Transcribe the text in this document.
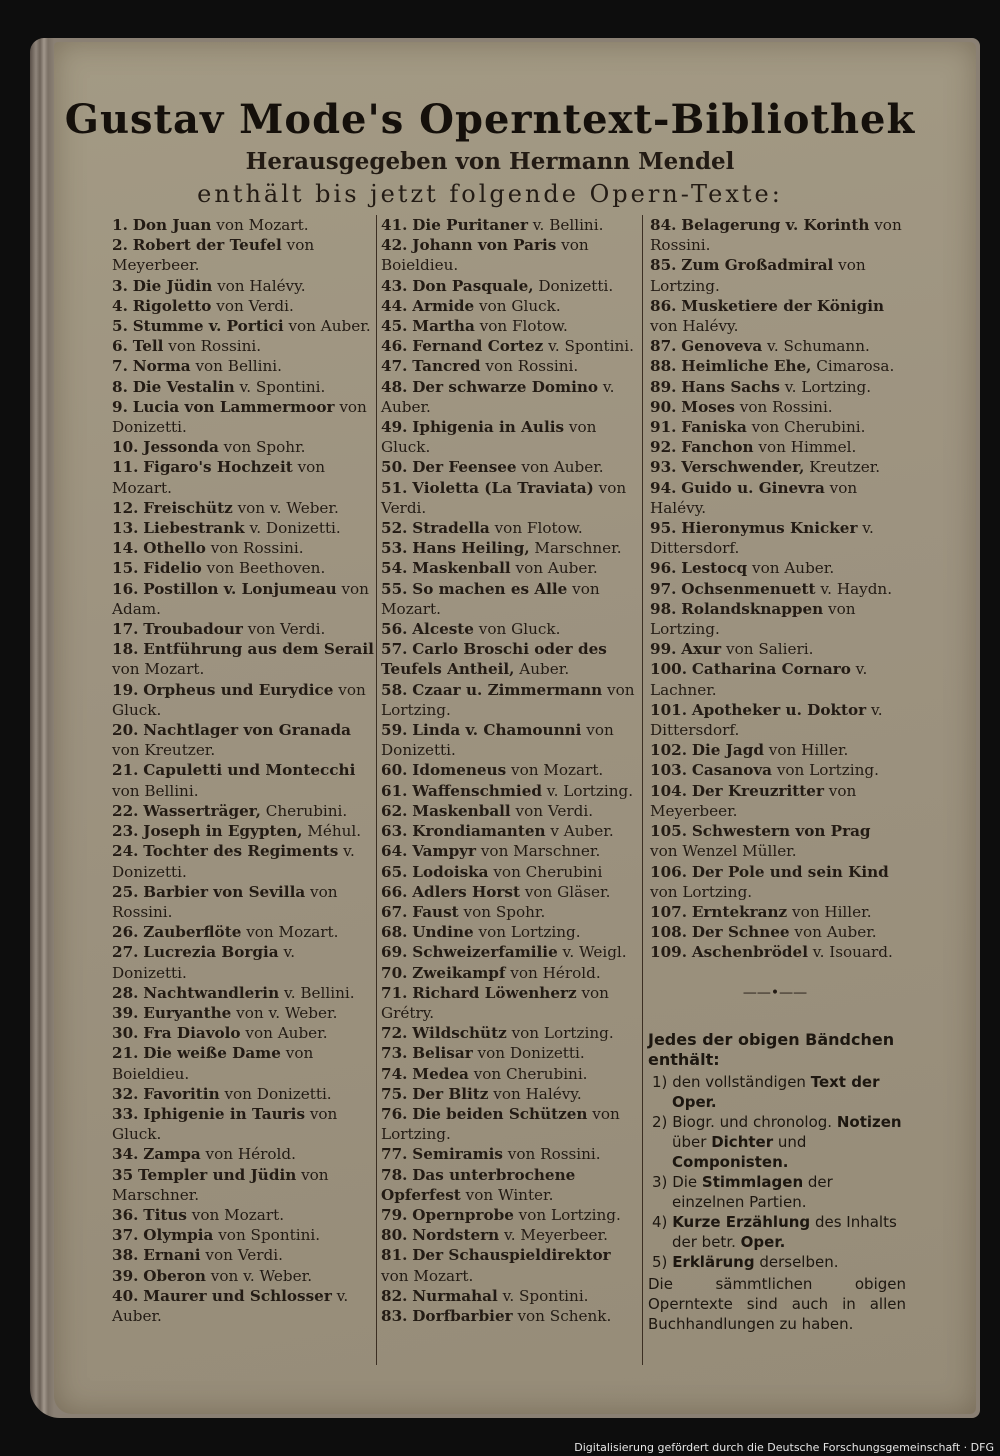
Gustav Mode's Operntext-Bibliothek

Herausgegeben von Hermann Mendel

enthält bis jetzt folgende Opern-Texte:

1. Don Juan von Mozart.

2. Robert der Teufel von Meyerbeer.

3. Die Jüdin von Halévy.

4. Rigoletto von Verdi.

5. Stumme v. Portici von Auber.

6. Tell von Rossini.

7. Norma von Bellini.

8. Die Vestalin v. Spontini.

9. Lucia von Lammermoor von Donizetti.

10. Jessonda von Spohr.

11. Figaro's Hochzeit von Mozart.

12. Freischütz von v. Weber.

13. Liebestrank v. Donizetti.

14. Othello von Rossini.

15. Fidelio von Beethoven.

16. Postillon v. Lonjumeau von Adam.

17. Troubadour von Verdi.

18. Entführung aus dem Serail von Mozart.

19. Orpheus und Eurydice von Gluck.

20. Nachtlager von Granada von Kreutzer.

21. Capuletti und Montecchi von Bellini.

22. Wasserträger, Cherubini.

23. Joseph in Egypten, Méhul.

24. Tochter des Regiments v. Donizetti.

25. Barbier von Sevilla von Rossini.

26. Zauberflöte von Mozart.

27. Lucrezia Borgia v. Donizetti.

28. Nachtwandlerin v. Bellini.

39. Euryanthe von v. Weber.

30. Fra Diavolo von Auber.

21. Die weiße Dame von Boieldieu.

32. Favoritin von Donizetti.

33. Iphigenie in Tauris von Gluck.

34. Zampa von Hérold.

35 Templer und Jüdin von Marschner.

36. Titus von Mozart.

37. Olympia von Spontini.

38. Ernani von Verdi.

39. Oberon von v. Weber.

40. Maurer und Schlosser v. Auber.

41. Die Puritaner v. Bellini.

42. Johann von Paris von Boieldieu.

43. Don Pasquale, Donizetti.

44. Armide von Gluck.

45. Martha von Flotow.

46. Fernand Cortez v. Spontini.

47. Tancred von Rossini.

48. Der schwarze Domino v. Auber.

49. Iphigenia in Aulis von Gluck.

50. Der Feensee von Auber.

51. Violetta (La Traviata) von Verdi.

52. Stradella von Flotow.

53. Hans Heiling, Marschner.

54. Maskenball von Auber.

55. So machen es Alle von Mozart.

56. Alceste von Gluck.

57. Carlo Broschi oder des Teufels Antheil, Auber.

58. Czaar u. Zimmermann von Lortzing.

59. Linda v. Chamounni von Donizetti.

60. Idomeneus von Mozart.

61. Waffenschmied v. Lortzing.

62. Maskenball von Verdi.

63. Krondiamanten v Auber.

64. Vampyr von Marschner.

65. Lodoiska von Cherubini

66. Adlers Horst von Gläser.

67. Faust von Spohr.

68. Undine von Lortzing.

69. Schweizerfamilie v. Weigl.

70. Zweikampf von Hérold.

71. Richard Löwenherz von Grétry.

72. Wildschütz von Lortzing.

73. Belisar von Donizetti.

74. Medea von Cherubini.

75. Der Blitz von Halévy.

76. Die beiden Schützen von Lortzing.

77. Semiramis von Rossini.

78. Das unterbrochene Opferfest von Winter.

79. Opernprobe von Lortzing.

80. Nordstern v. Meyerbeer.

81. Der Schauspieldirektor von Mozart.

82. Nurmahal v. Spontini.

83. Dorfbarbier von Schenk.

84. Belagerung v. Korinth von Rossini.

85. Zum Großadmiral von Lortzing.

86. Musketiere der Königin von Halévy.

87. Genoveva v. Schumann.

88. Heimliche Ehe, Cimarosa.

89. Hans Sachs v. Lortzing.

90. Moses von Rossini.

91. Faniska von Cherubini.

92. Fanchon von Himmel.

93. Verschwender, Kreutzer.

94. Guido u. Ginevra von Halévy.

95. Hieronymus Knicker v. Dittersdorf.

96. Lestocq von Auber.

97. Ochsenmenuett v. Haydn.

98. Rolandsknappen von Lortzing.

99. Axur von Salieri.

100. Catharina Cornaro v. Lachner.

101. Apotheker u. Doktor v. Dittersdorf.

102. Die Jagd von Hiller.

103. Casanova von Lortzing.

104. Der Kreuzritter von Meyerbeer.

105. Schwestern von Prag von Wenzel Müller.

106. Der Pole und sein Kind von Lortzing.

107. Erntekranz von Hiller.

108. Der Schnee von Auber.

109. Aschenbrödel v. Isouard.

——•——

Jedes der obigen Bändchen enthält:

1) den vollständigen Text der Oper.

2) Biogr. und chronolog. Notizen über Dichter und Componisten.

3) Die Stimmlagen der einzelnen Partien.

4) Kurze Erzählung des Inhalts der betr. Oper.

5) Erklärung derselben.

Die sämmtlichen obigen Operntexte sind auch in allen Buchhandlungen zu haben.

Digitalisierung gefördert durch die Deutsche Forschungsgemeinschaft · DFG
